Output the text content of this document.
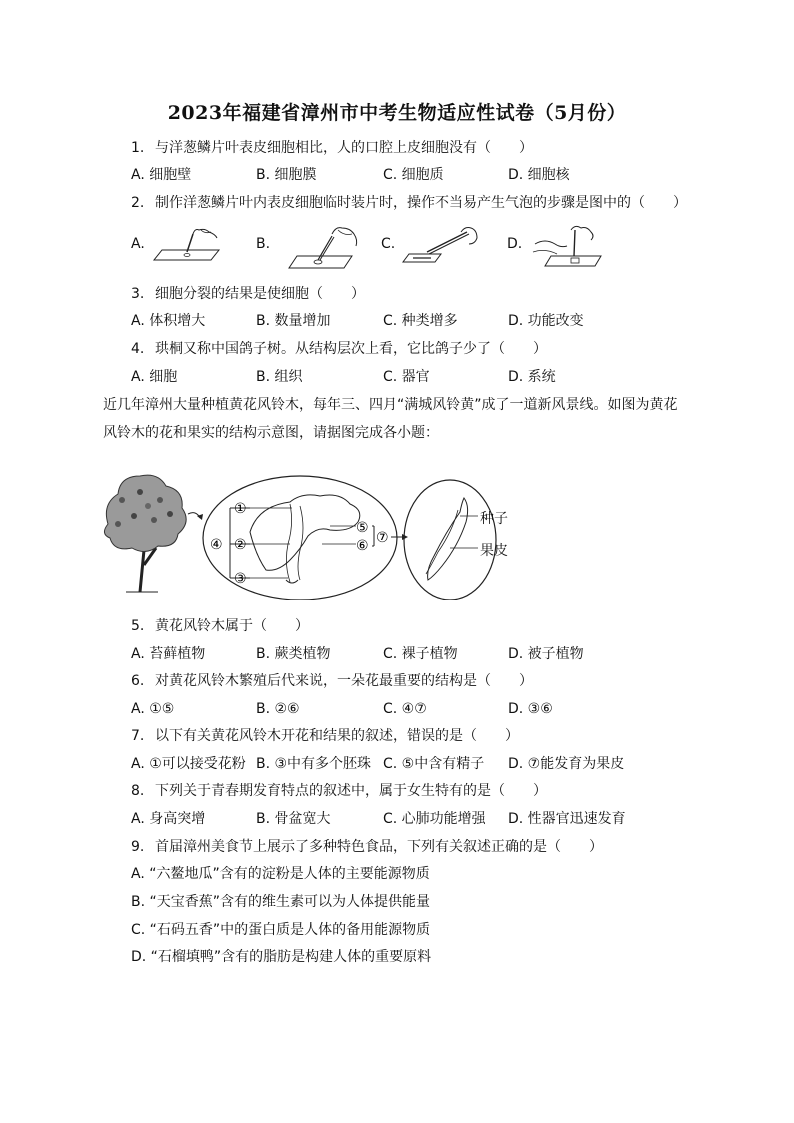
2023年福建省漳州市中考生物适应性试卷（5月份）
1. 与洋葱鳞片叶表皮细胞相比，人的口腔上皮细胞没有（　　）
A. 细胞壁	B. 细胞膜	C. 细胞质	D. 细胞核
2. 制作洋葱鳞片叶内表皮细胞临时装片时，操作不当易产生气泡的步骤是图中的（　　）
A.	B.	C.	D.
3. 细胞分裂的结果是使细胞（　　）
A. 体积增大	B. 数量增加	C. 种类增多	D. 功能改变
4. 珙桐又称中国鸽子树。从结构层次上看，它比鸽子少了（　　）
A. 细胞	B. 组织	C. 器官	D. 系统
近几年漳州大量种植黄花风铃木，每年三、四月“满城风铃黄”成了一道新风景线。如图为黄花
风铃木的花和果实的结构示意图，请据图完成各小题：
④
①
②
③
⑤
⑥ ⑦
种子
果皮
5. 黄花风铃木属于（　　）
A. 苔藓植物	B. 蕨类植物	C. 裸子植物	D. 被子植物
6. 对黄花风铃木繁殖后代来说，一朵花最重要的结构是（　　）
A. ①⑤	B. ②⑥	C. ④⑦	D. ③⑥
7. 以下有关黄花风铃木开花和结果的叙述，错误的是（　　）
A. ①可以接受花粉 B. ③中有多个胚珠 C. ⑤中含有精子 D. ⑦能发育为果皮
8. 下列关于青春期发育特点的叙述中，属于女生特有的是（　　）
A. 身高突增	B. 骨盆宽大	C. 心肺功能增强 D. 性器官迅速发育
9. 首届漳州美食节上展示了多种特色食品，下列有关叙述正确的是（　　）
A. “六鳌地瓜”含有的淀粉是人体的主要能源物质
B. “天宝香蕉”含有的维生素可以为人体提供能量
C. “石码五香”中的蛋白质是人体的备用能源物质
D. “石榴填鸭”含有的脂肪是构建人体的重要原料
